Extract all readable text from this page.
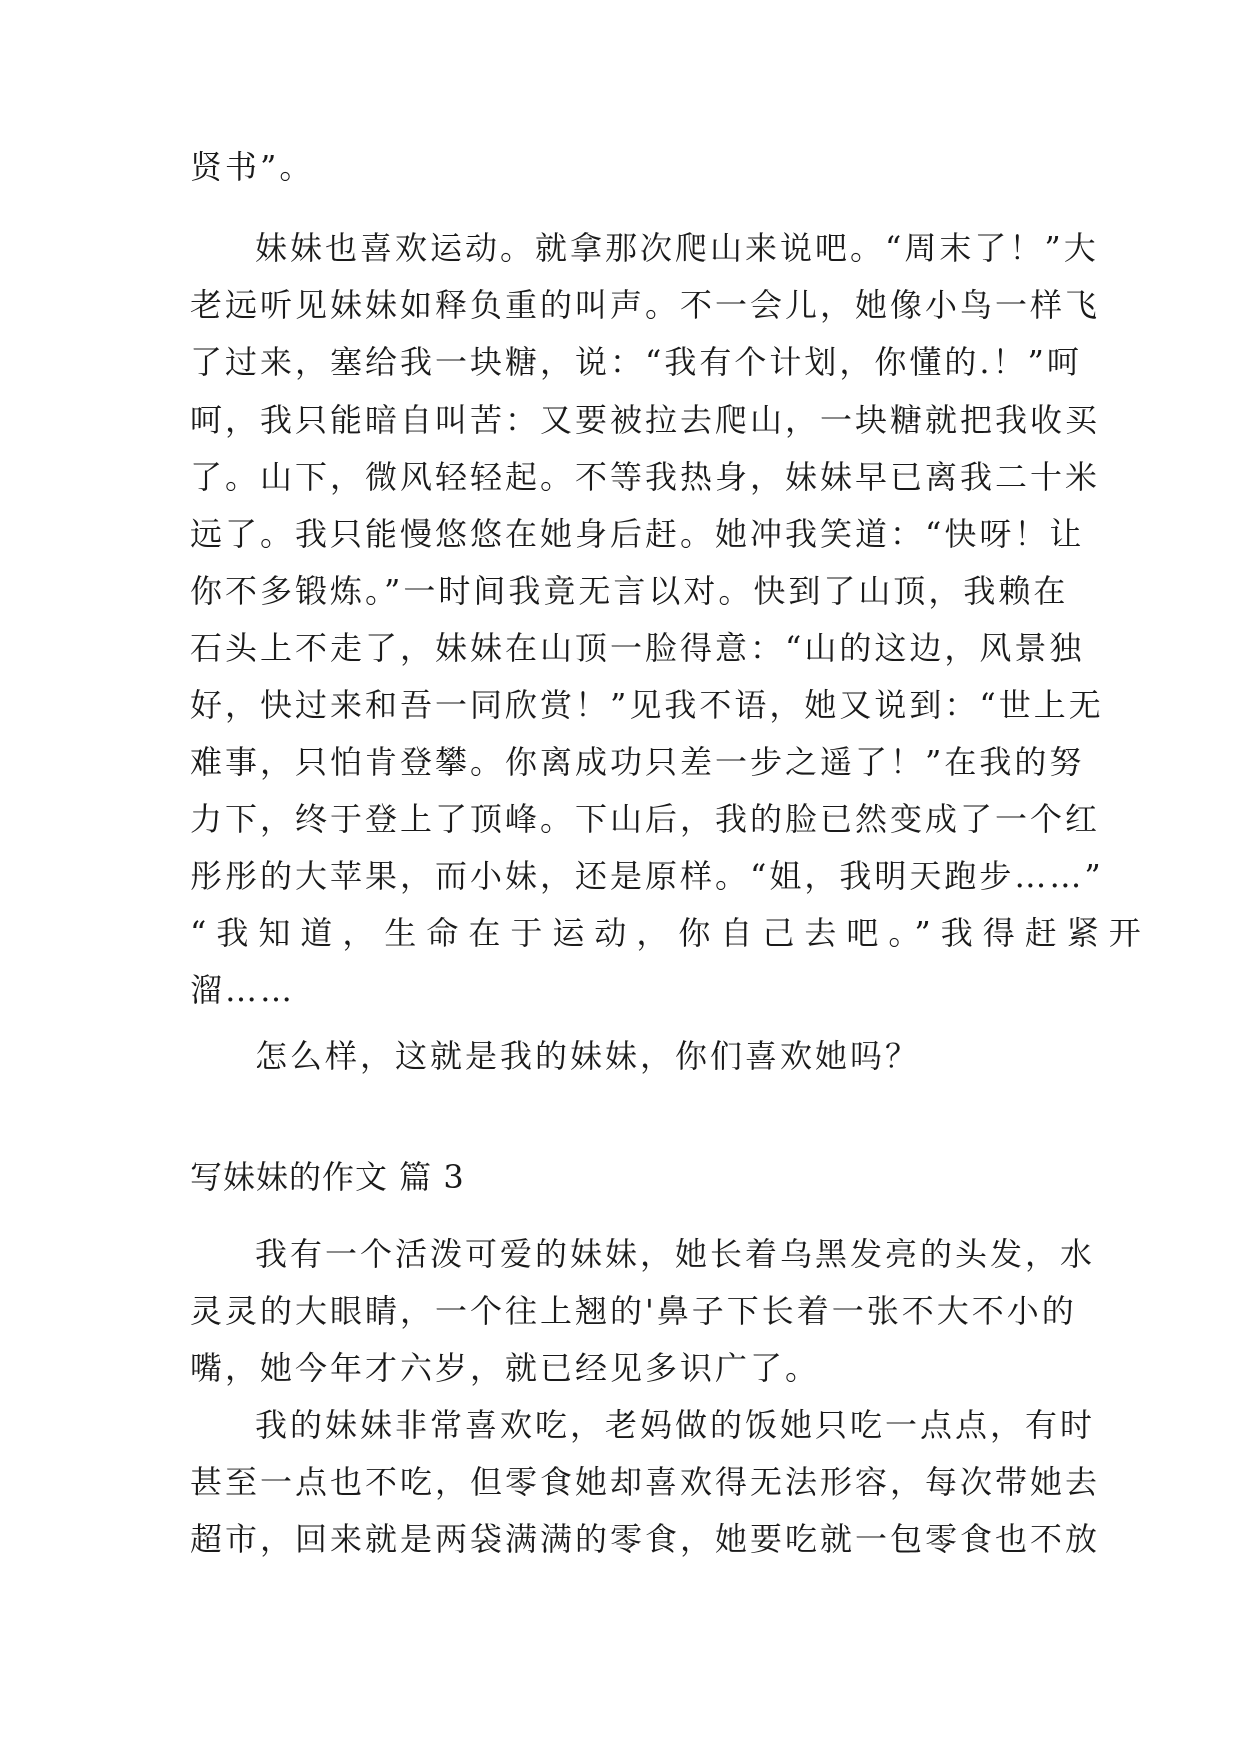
贤书”。
妹妹也喜欢运动。就拿那次爬山来说吧。“周末了！”大
老远听见妹妹如释负重的叫声。不一会儿，她像小鸟一样飞
了过来，塞给我一块糖，说：“我有个计划，你懂的.！”呵
呵，我只能暗自叫苦：又要被拉去爬山，一块糖就把我收买
了。山下，微风轻轻起。不等我热身，妹妹早已离我二十米
远了。我只能慢悠悠在她身后赶。她冲我笑道：“快呀！让
你不多锻炼。”一时间我竟无言以对。快到了山顶，我赖在
石头上不走了，妹妹在山顶一脸得意：“山的这边，风景独
好，快过来和吾一同欣赏！”见我不语，她又说到：“世上无
难事，只怕肯登攀。你离成功只差一步之遥了！”在我的努
力下，终于登上了顶峰。下山后，我的脸已然变成了一个红
彤彤的大苹果，而小妹，还是原样。“姐，我明天跑步……”
“我知道，生命在于运动，你自己去吧。”我得赶紧开
溜……
怎么样，这就是我的妹妹，你们喜欢她吗？
写妹妹的作文 篇 3
我有一个活泼可爱的妹妹，她长着乌黑发亮的头发，水
灵灵的大眼睛，一个往上翘的'鼻子下长着一张不大不小的
嘴，她今年才六岁，就已经见多识广了。
我的妹妹非常喜欢吃，老妈做的饭她只吃一点点，有时
甚至一点也不吃，但零食她却喜欢得无法形容，每次带她去
超市，回来就是两袋满满的零食，她要吃就一包零食也不放
